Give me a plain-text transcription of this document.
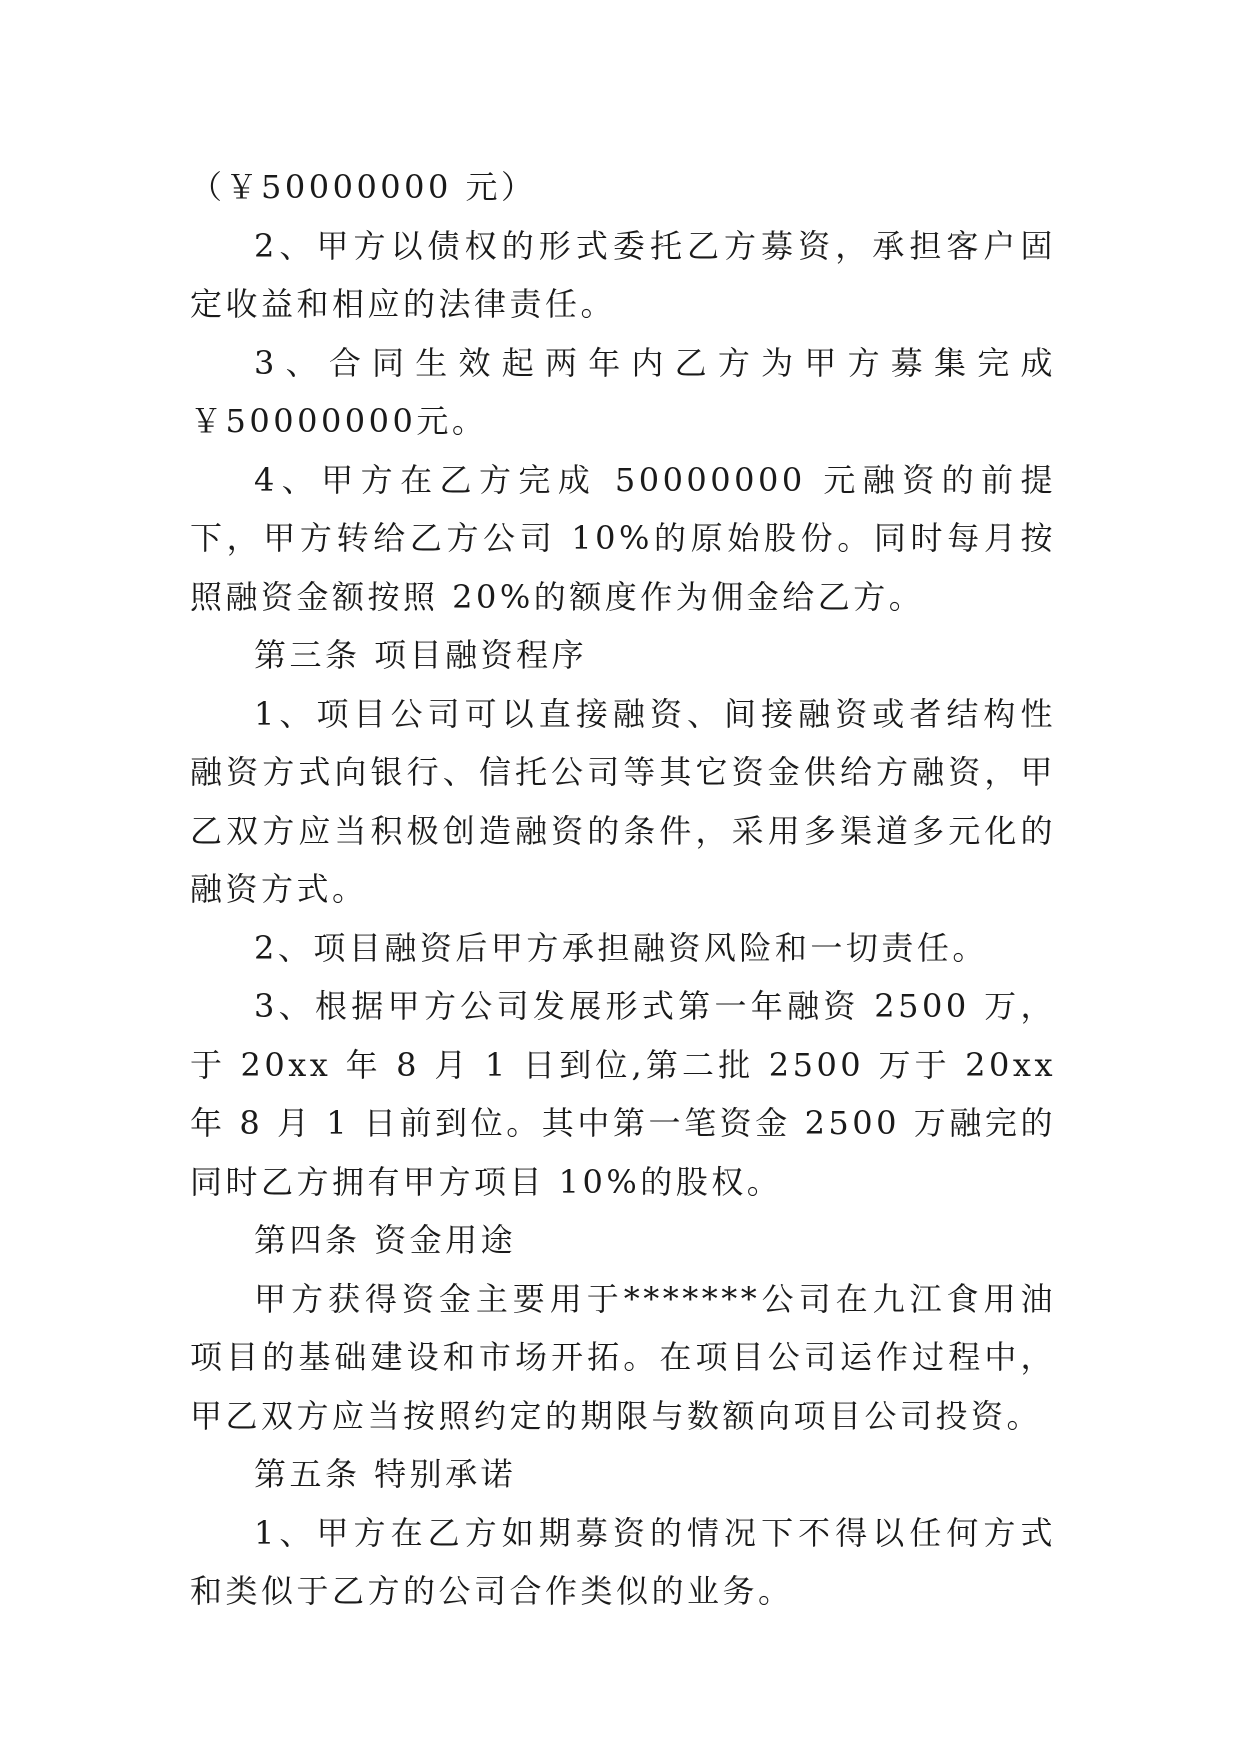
（￥50000000 元）

2、甲方以债权的形式委托乙方募资，承担客户固定收益和相应的法律责任。

3、合同生效起两年内乙方为甲方募集完成￥50000000元。

4、甲方在乙方完成 50000000 元融资的前提下，甲方转给乙方公司 10%的原始股份。同时每月按照融资金额按照 20%的额度作为佣金给乙方。

第三条 项目融资程序

1、项目公司可以直接融资、间接融资或者结构性融资方式向银行、信托公司等其它资金供给方融资，甲乙双方应当积极创造融资的条件，采用多渠道多元化的融资方式。

2、项目融资后甲方承担融资风险和一切责任。

3、根据甲方公司发展形式第一年融资 2500 万，于 20xx 年 8 月 1 日到位,第二批 2500 万于 20xx 年 8 月 1 日前到位。其中第一笔资金 2500 万融完的同时乙方拥有甲方项目 10%的股权。

第四条 资金用途

甲方获得资金主要用于*******公司在九江食用油项目的基础建设和市场开拓。在项目公司运作过程中，甲乙双方应当按照约定的期限与数额向项目公司投资。

第五条 特别承诺

1、甲方在乙方如期募资的情况下不得以任何方式和类似于乙方的公司合作类似的业务。
